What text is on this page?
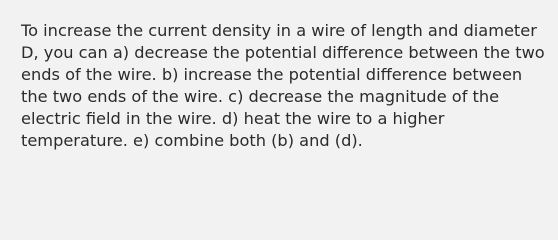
To increase the current density in a wire of length and diameter
D, you can a) decrease the potential difference between the two
ends of the wire. b) increase the potential difference between
the two ends of the wire. c) decrease the magnitude of the
electric field in the wire. d) heat the wire to a higher
temperature. e) combine both (b) and (d).
